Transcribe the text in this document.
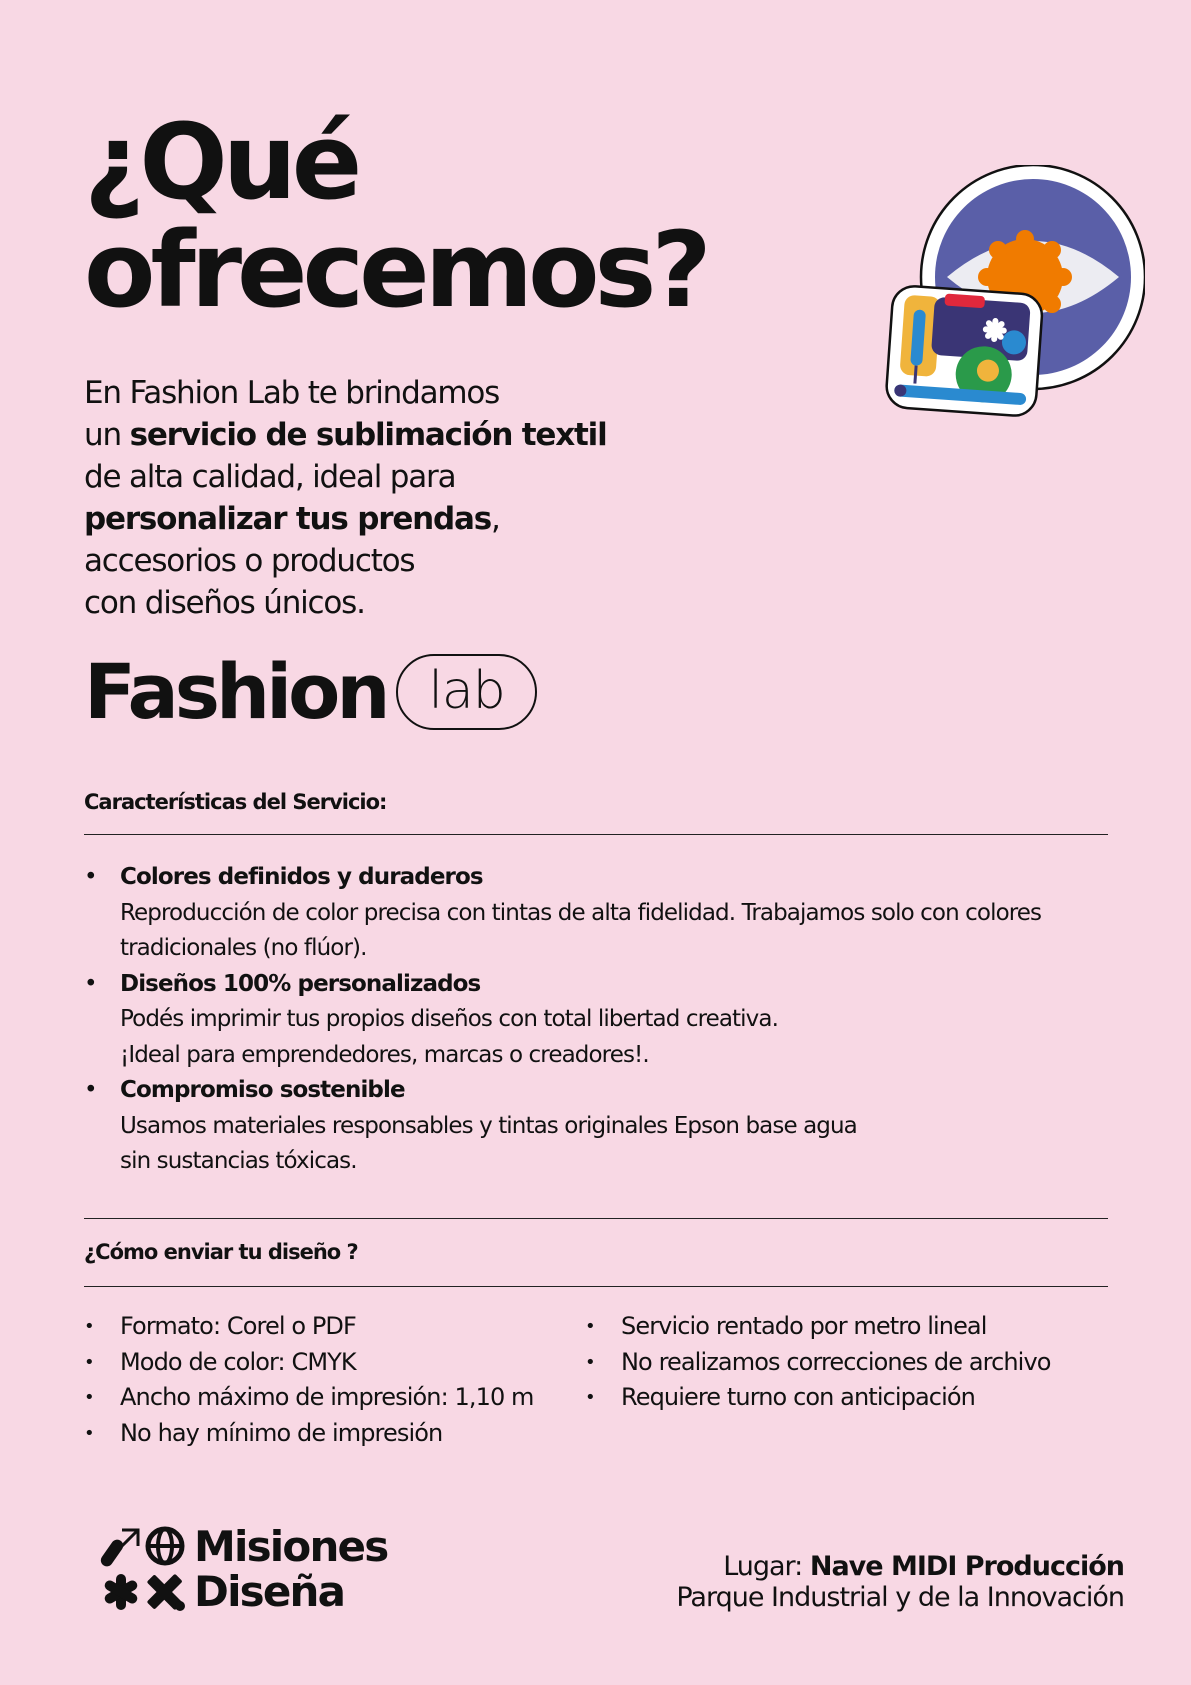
¿Qué
ofrecemos?

En Fashion Lab te brindamos
un servicio de sublimación textil
de alta calidad, ideal para
personalizar tus prendas,
accesorios o productos
con diseños únicos.

Fashion lab
Características del Servicio:
• Colores definidos y duraderos
Reproducción de color precisa con tintas de alta fidelidad. Trabajamos solo con colores
tradicionales (no flúor).
• Diseños 100% personalizados
Podés imprimir tus propios diseños con total libertad creativa.
¡Ideal para emprendedores, marcas o creadores!.
• Compromiso sostenible
Usamos materiales responsables y tintas originales Epson base agua
sin sustancias tóxicas.
¿Cómo enviar tu diseño ?
• Formato: Corel o PDF
• Modo de color: CMYK
• Ancho máximo de impresión: 1,10 m
• No hay mínimo de impresión
• Servicio rentado por metro lineal
• No realizamos correcciones de archivo
• Requiere turno con anticipación
Misiones
Diseña
Lugar: Nave MIDI Producción
Parque Industrial y de la Innovación
